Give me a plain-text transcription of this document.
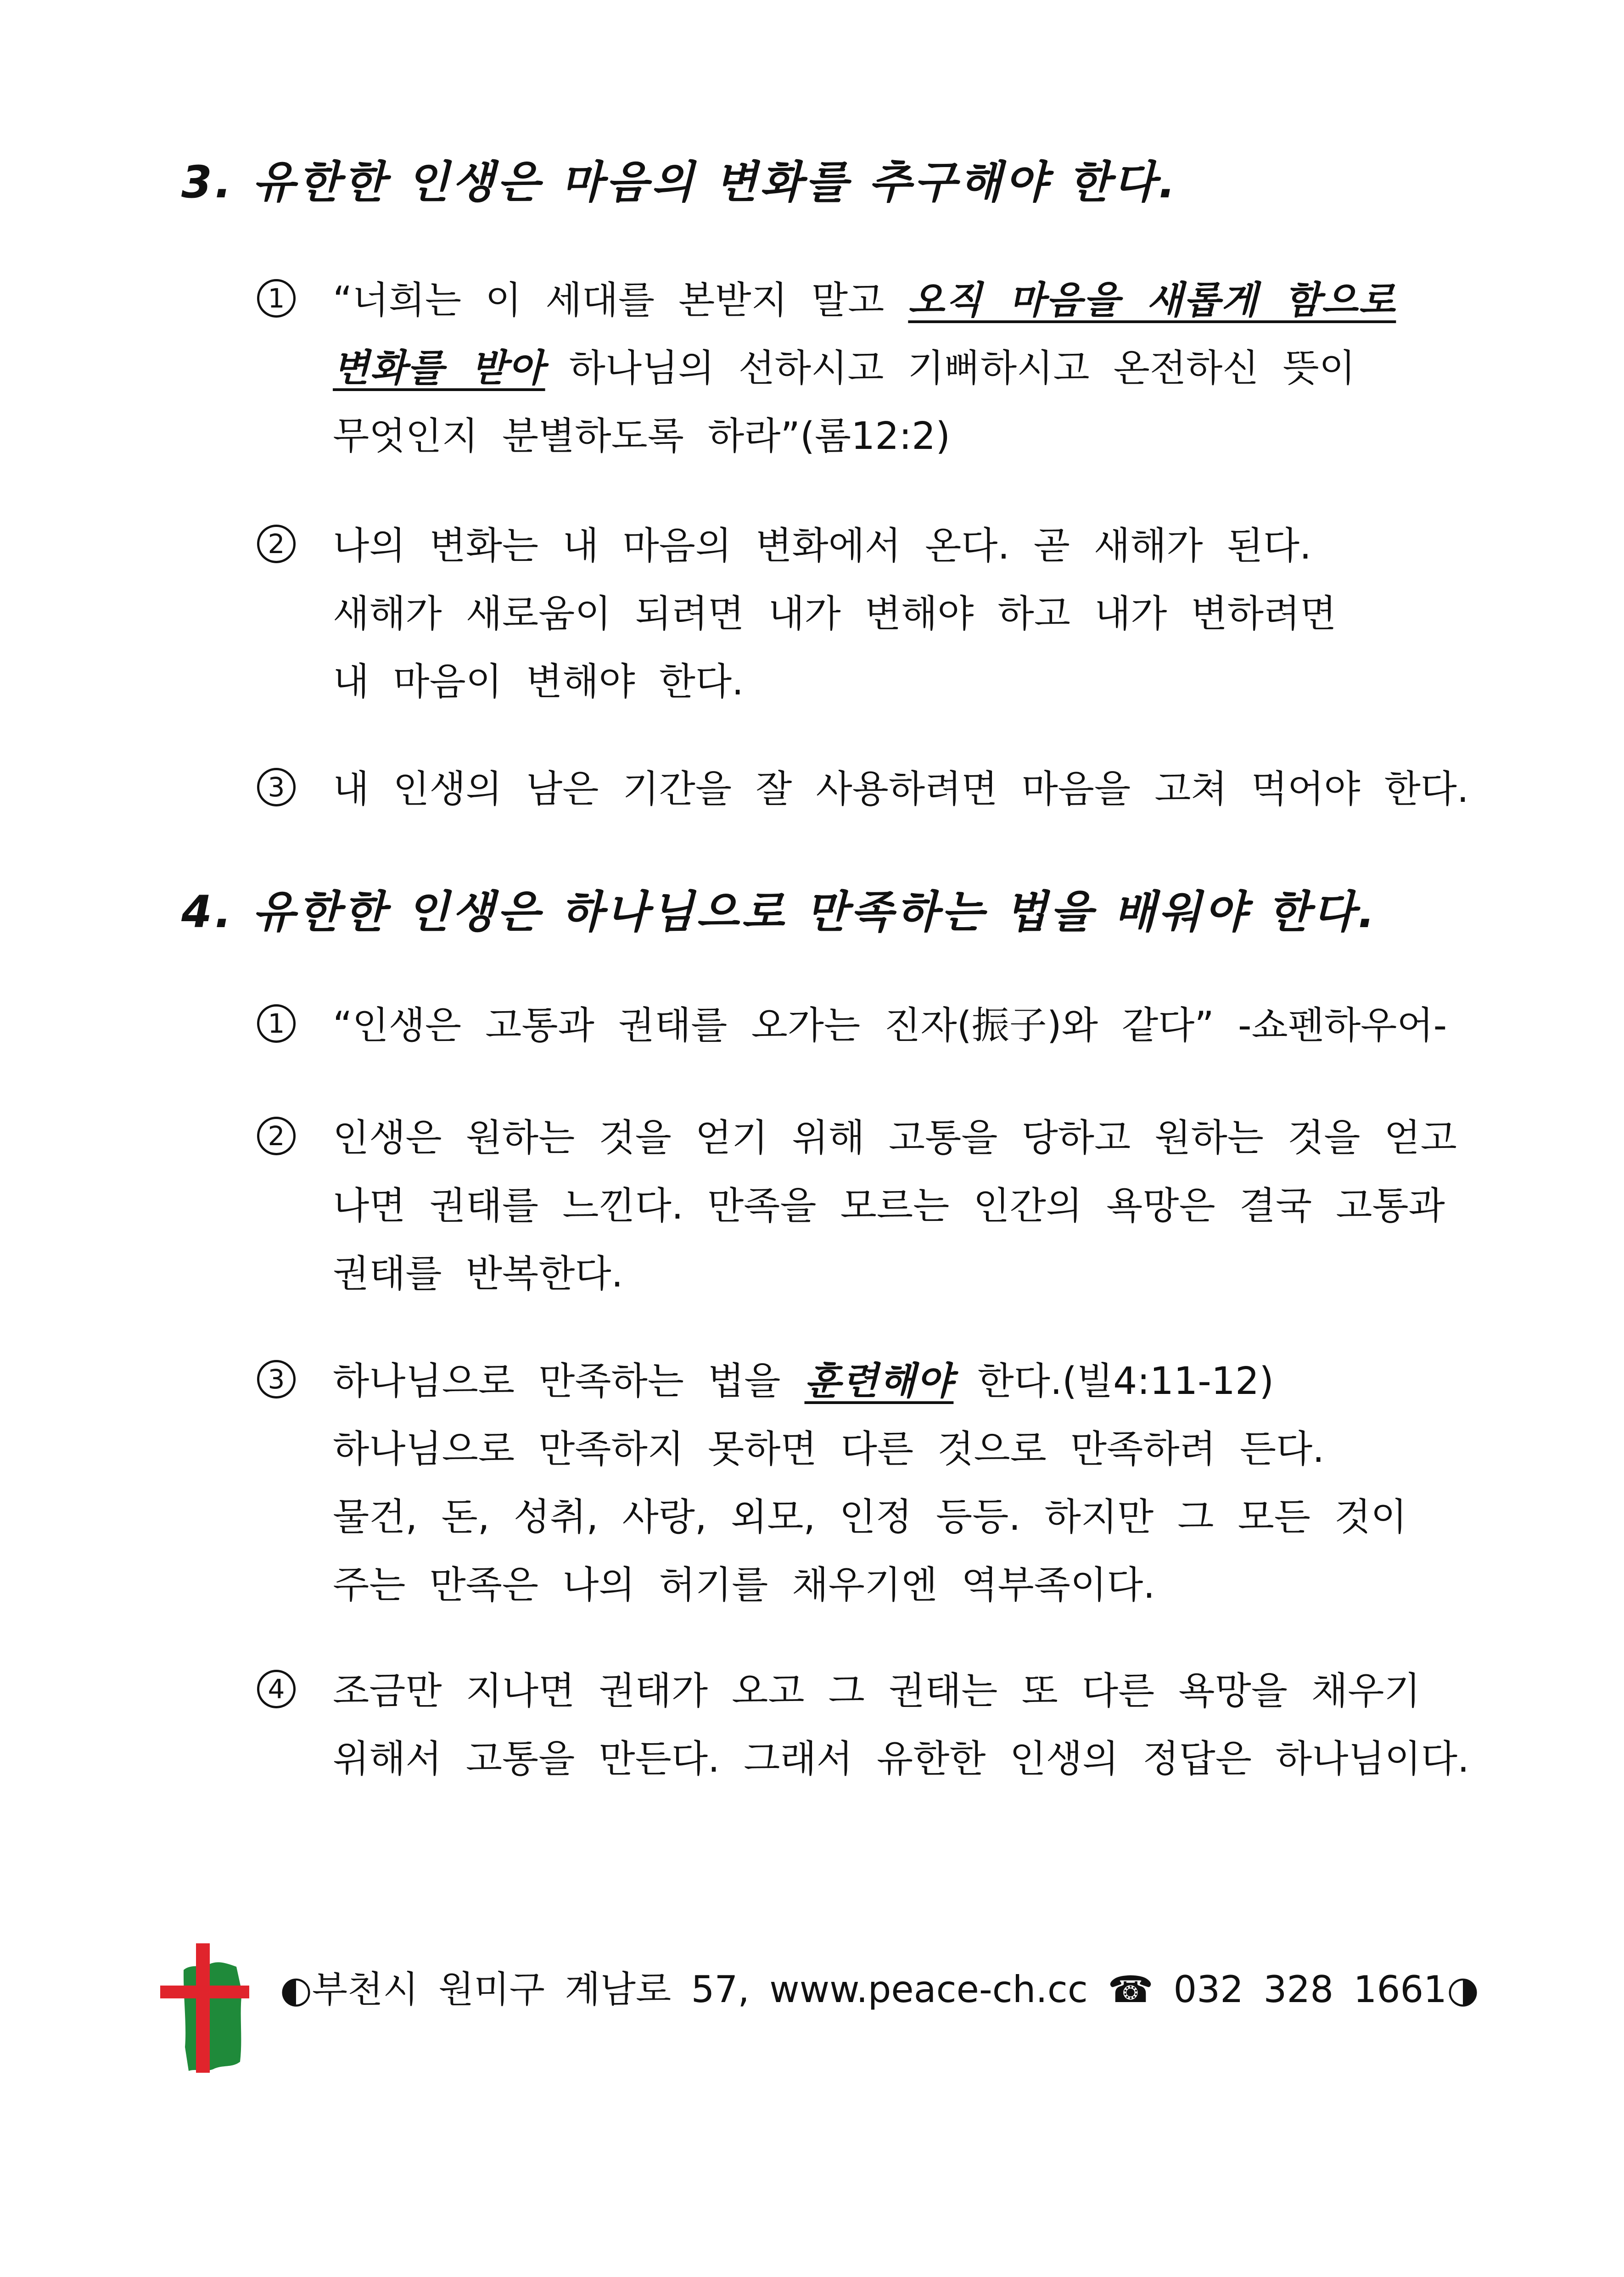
3. 유한한 인생은 마음의 변화를 추구해야 한다.
1 “너희는 이 세대를 본받지 말고 오직 마음을 새롭게 함으로
변화를 받아 하나님의 선하시고 기뻐하시고 온전하신 뜻이
무엇인지 분별하도록 하라”(롬12:2)
2 나의 변화는 내 마음의 변화에서 온다. 곧 새해가 된다.
새해가 새로움이 되려면 내가 변해야 하고 내가 변하려면
내 마음이 변해야 한다.
3 내 인생의 남은 기간을 잘 사용하려면 마음을 고쳐 먹어야 한다.
4. 유한한 인생은 하나님으로 만족하는 법을 배워야 한다.
1 “인생은 고통과 권태를 오가는 진자(振子)와 같다” -쇼펜하우어-
2 인생은 원하는 것을 얻기 위해 고통을 당하고 원하는 것을 얻고
나면 권태를 느낀다. 만족을 모르는 인간의 욕망은 결국 고통과
권태를 반복한다.
3 하나님으로 만족하는 법을 훈련해야 한다.(빌4:11-12)
하나님으로 만족하지 못하면 다른 것으로 만족하려 든다.
물건, 돈, 성취, 사랑, 외모, 인정 등등. 하지만 그 모든 것이
주는 만족은 나의 허기를 채우기엔 역부족이다.
4 조금만 지나면 권태가 오고 그 권태는 또 다른 욕망을 채우기
위해서 고통을 만든다. 그래서 유한한 인생의 정답은 하나님이다.
◐부천시 원미구 계남로 57, www.peace-ch.cc ☎ 032 328 1661◑
